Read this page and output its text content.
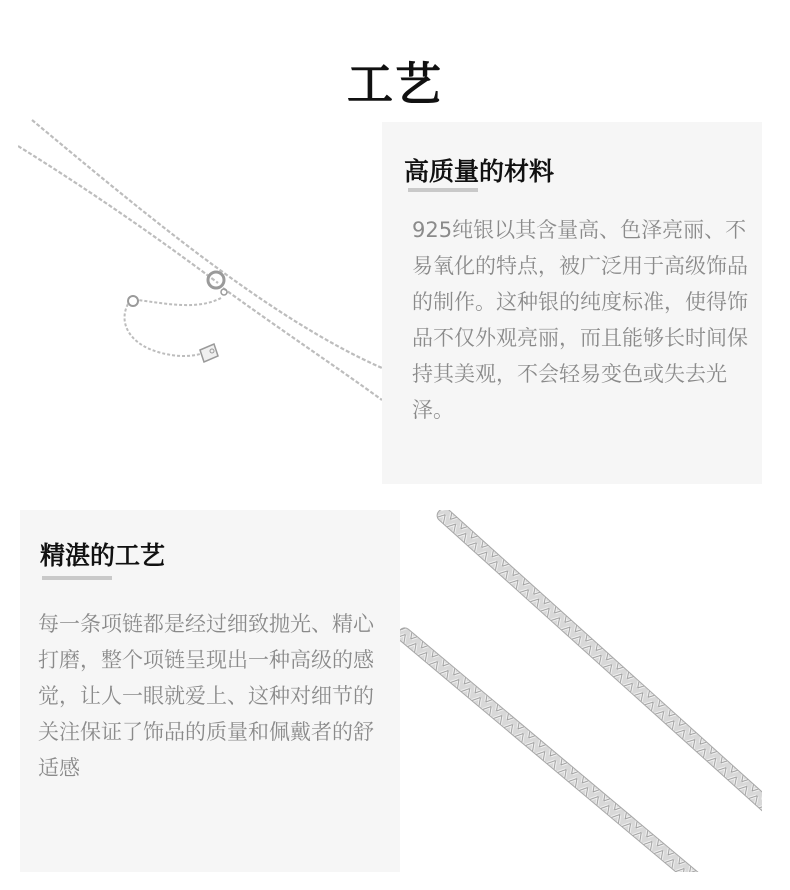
工艺
高质量的材料
925纯银以其含量高、色泽亮丽、不易氧化的特点，被广泛用于高级饰品的制作。这种银的纯度标准，使得饰品不仅外观亮丽，而且能够长时间保持其美观，不会轻易变色或失去光泽。
精湛的工艺
每一条项链都是经过细致抛光、精心打磨，整个项链呈现出一种高级的感觉，让人一眼就爱上、这种对细节的关注保证了饰品的质量和佩戴者的舒适感
